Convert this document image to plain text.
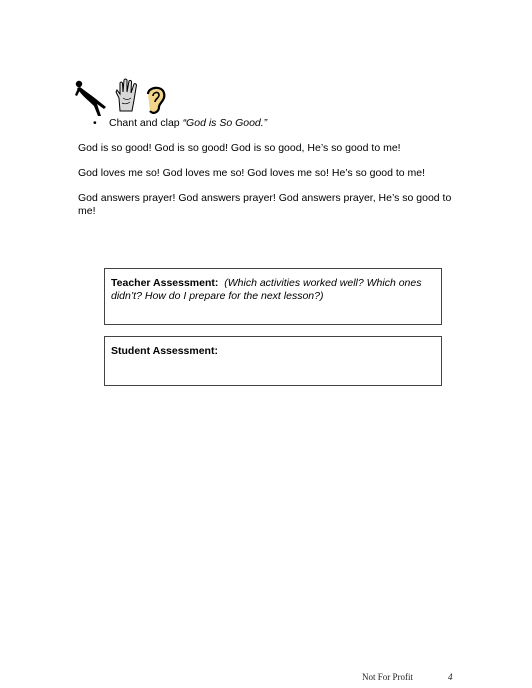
•	Chant and clap “God is So Good.”
God is so good! God is so good! God is so good, He’s so good to me!
God loves me so! God loves me so! God loves me so! He’s so good to me!
God answers prayer! God answers prayer! God answers prayer, He’s so good to me!
Teacher Assessment: (Which activities worked well? Which ones didn’t? How do I prepare for the next lesson?)
Student Assessment:
Not For Profit	4
